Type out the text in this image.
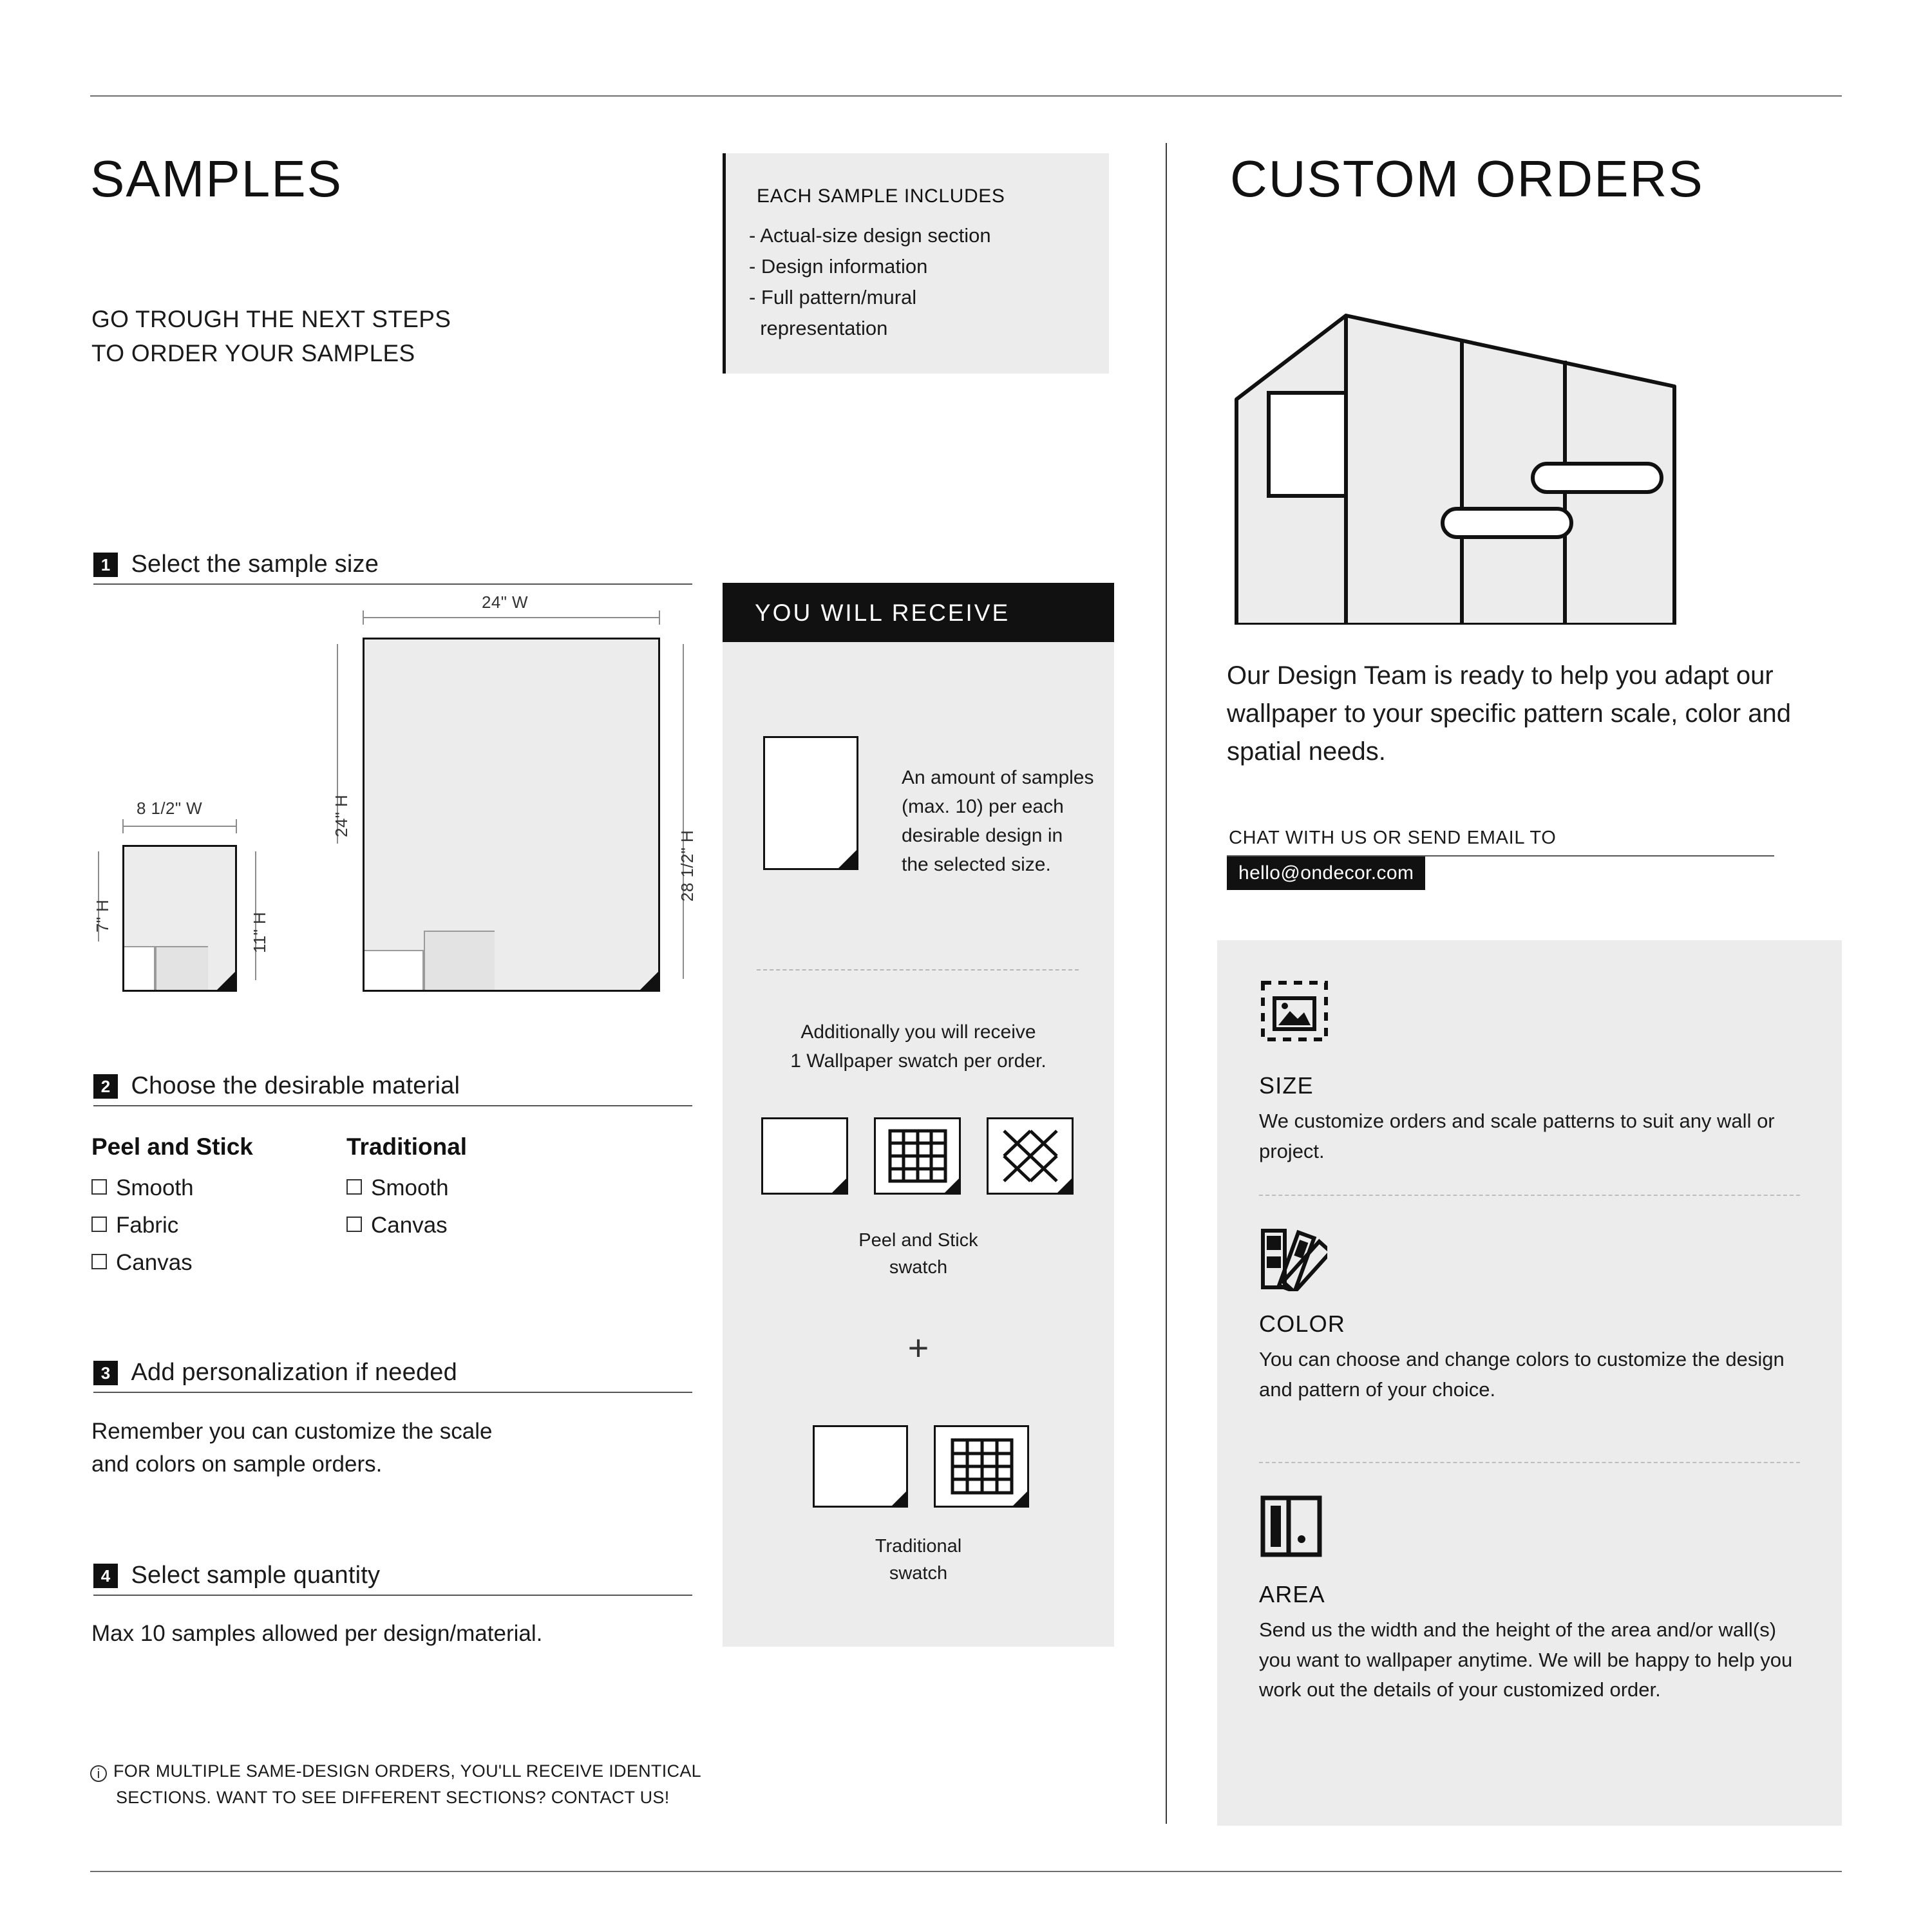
SAMPLES
GO TROUGH THE NEXT STEPS
TO ORDER YOUR SAMPLES
EACH SAMPLE INCLUDES
- Actual-size design section
- Design information
- Full pattern/mural
representation
1 Select the sample size
24" W
24" H
28 1/2" H
8 1/2" W
7" H	11" H
2 Choose the desirable material
Peel and Stick
Smooth
Fabric
Canvas
Traditional
Smooth
Canvas
3 Add personalization if needed
Remember you can customize the scale
and colors on sample orders.
4 Select sample quantity
Max 10 samples allowed per design/material.
i FOR MULTIPLE SAME-DESIGN ORDERS, YOU'LL RECEIVE IDENTICAL
SECTIONS. WANT TO SEE DIFFERENT SECTIONS? CONTACT US!
YOU WILL RECEIVE
An amount of samples (max. 10) per each desirable design in the selected size.
Additionally you will receive
1 Wallpaper swatch per order.
Peel and Stick
swatch
+
Traditional
swatch
CUSTOM ORDERS
Our Design Team is ready to help you adapt our wallpaper to your specific pattern scale, color and spatial needs.
CHAT WITH US OR SEND EMAIL TO
hello@ondecor.com
SIZE
We customize orders and scale patterns to suit any wall or project.
COLOR
You can choose and change colors to customize the design and pattern of your choice.
AREA
Send us the width and the height of the area and/or wall(s) you want to wallpaper anytime. We will be happy to help you work out the details of your customized order.
